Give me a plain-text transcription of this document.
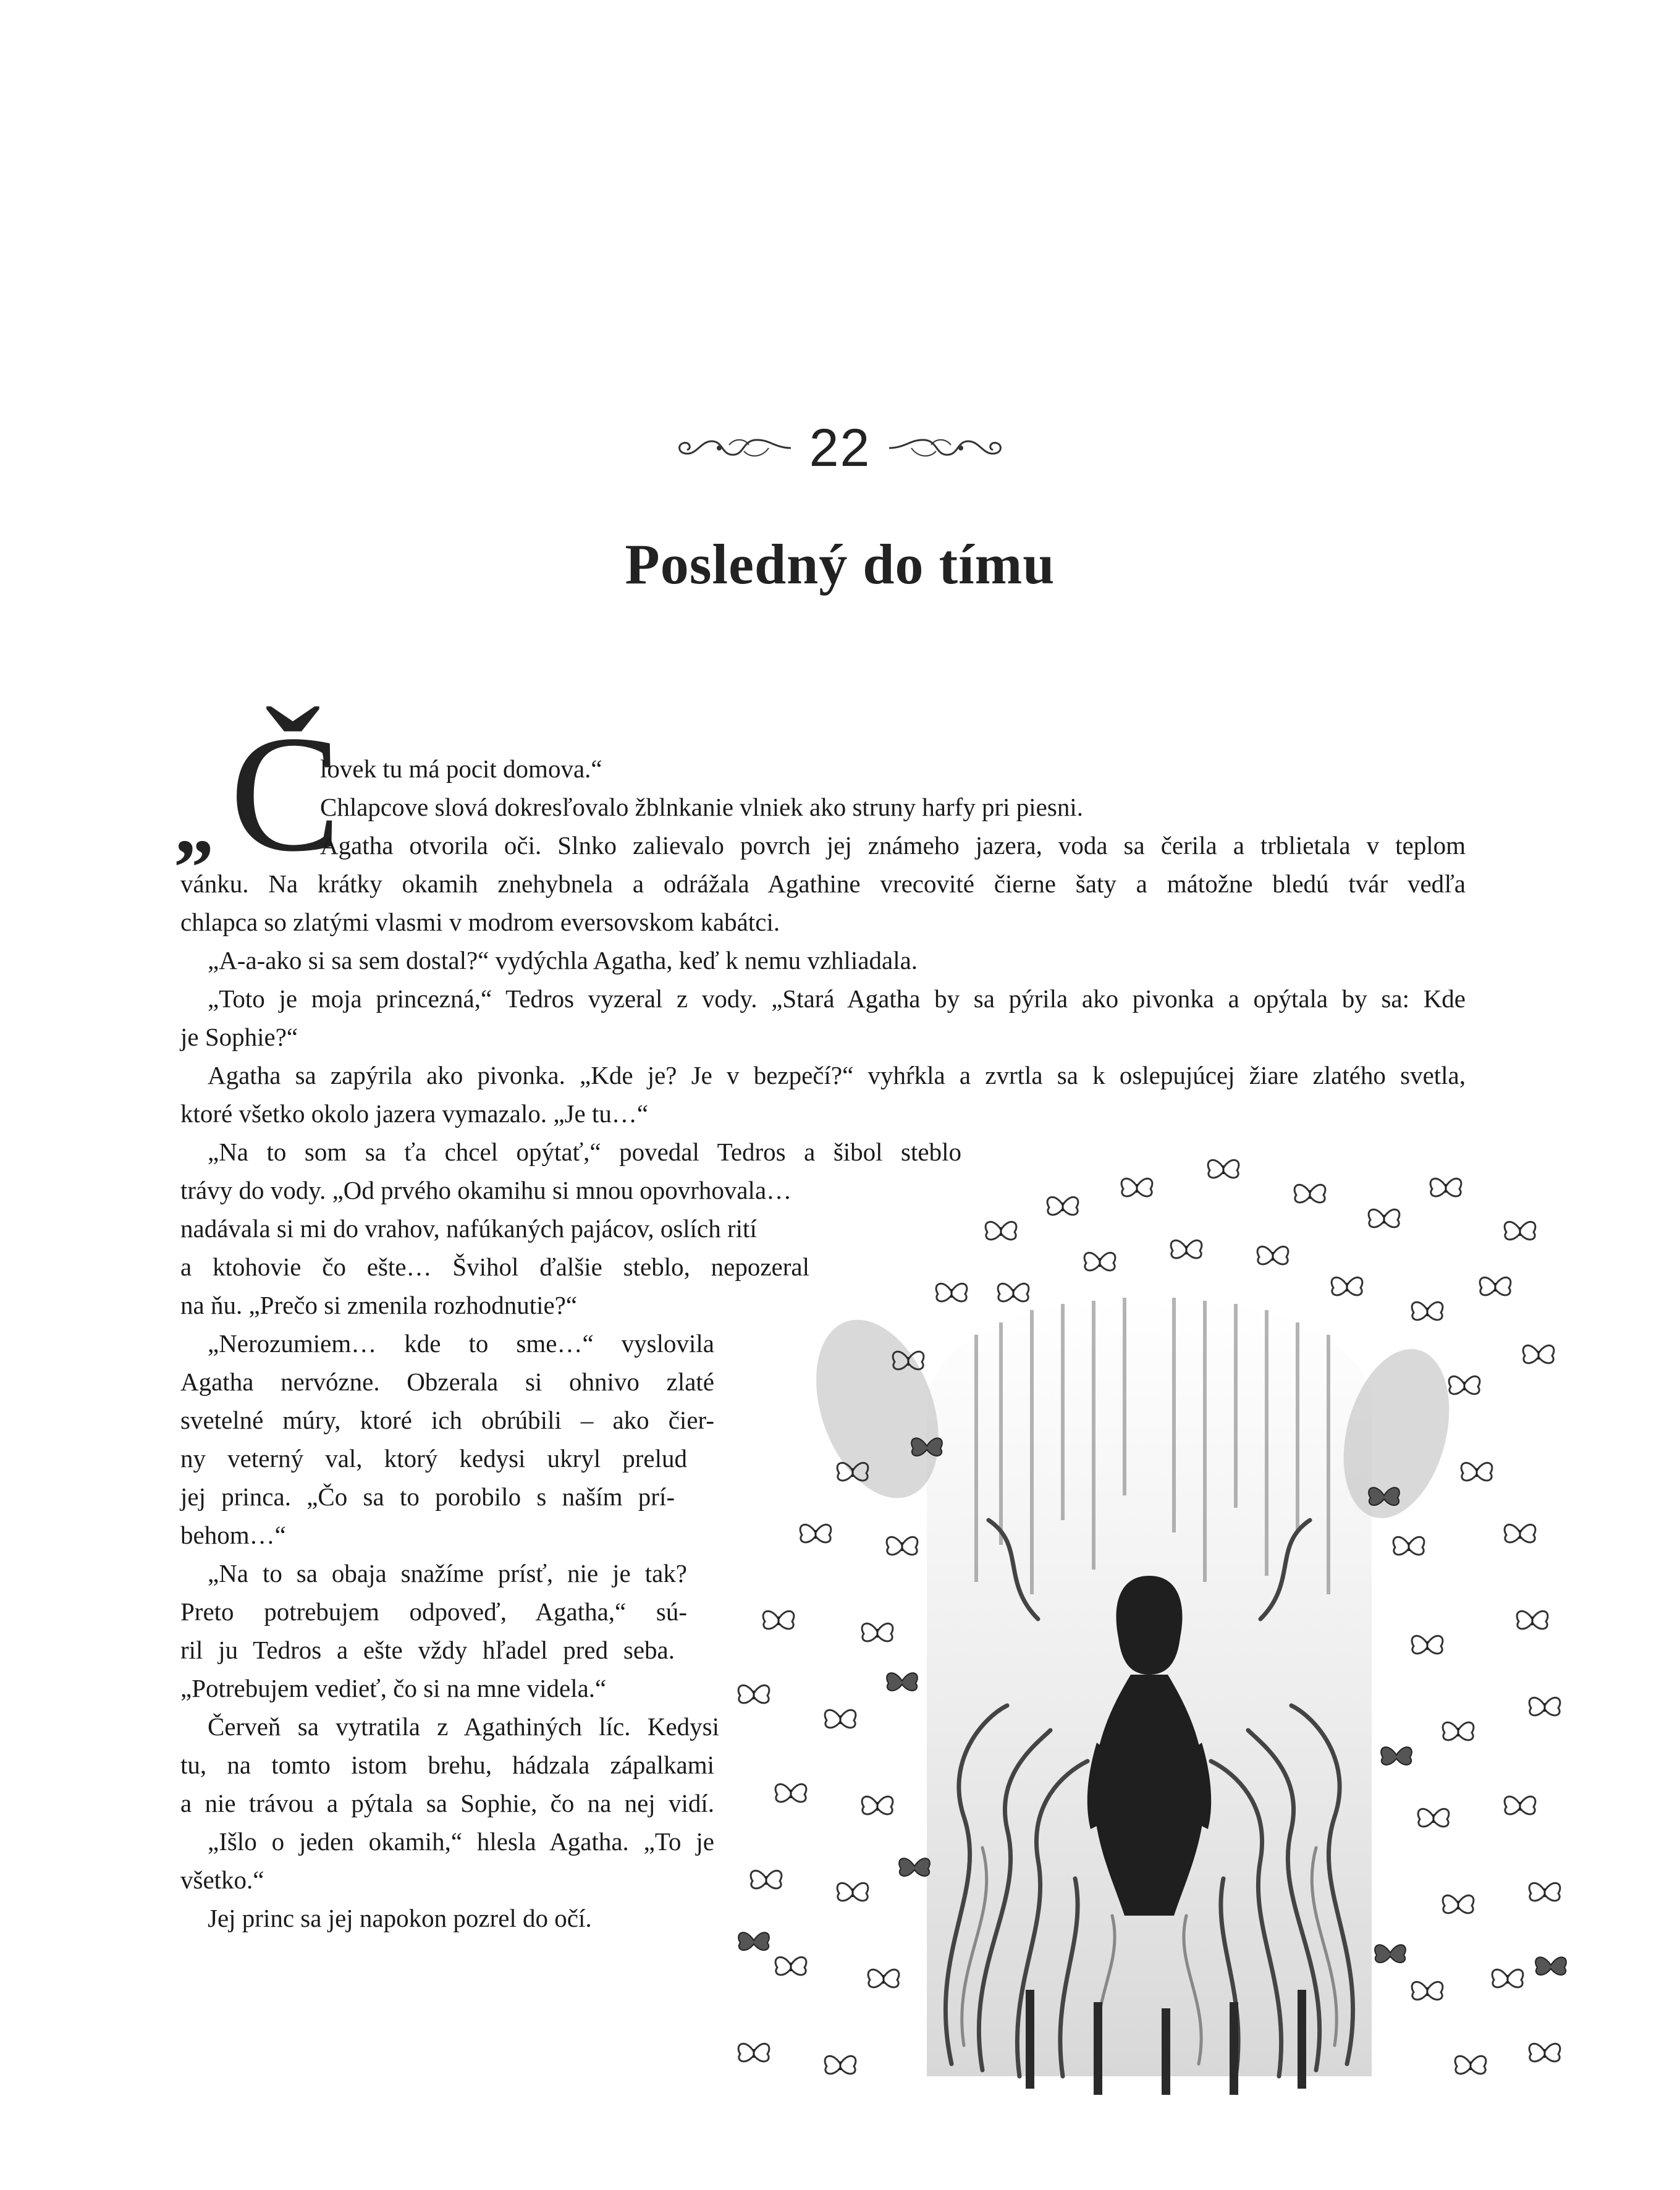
22
Posledný do tímu
„ Č
lovek tu má pocit domova.“
Chlapcove slová dokresľovalo žblnkanie vlniek ako struny harfy pri piesni.
Agatha otvorila oči. Slnko zalievalo povrch jej známeho jazera, voda sa čerila a trblietala v teplom
vánku. Na krátky okamih znehybnela a odrážala Agathine vrecovité čierne šaty a mátožne bledú tvár vedľa
chlapca so zlatými vlasmi v modrom eversovskom kabátci.
„A-a-ako si sa sem dostal?“ vydýchla Agatha, keď k nemu vzhliadala.
„Toto je moja princezná,“ Tedros vyzeral z vody. „Stará Agatha by sa pýrila ako pivonka a opýtala by sa: Kde
je Sophie?“
Agatha sa zapýrila ako pivonka. „Kde je? Je v bezpečí?“ vyhŕkla a zvrtla sa k oslepujúcej žiare zlatého svetla,
ktoré všetko okolo jazera vymazalo. „Je tu…“
„Na to som sa ťa chcel opýtať,“ povedal Tedros a šibol steblo
trávy do vody. „Od prvého okamihu si mnou opovrhovala…
nadávala si mi do vrahov, nafúkaných pajácov, oslích rití
a ktohovie čo ešte… Švihol ďalšie steblo, nepozeral
na ňu. „Prečo si zmenila rozhodnutie?“
„Nerozumiem… kde to sme…“ vyslovila
Agatha nervózne. Obzerala si ohnivo zlaté
svetelné múry, ktoré ich obrúbili – ako čier-
ny veterný val, ktorý kedysi ukryl prelud
jej princa. „Čo sa to porobilo s naším prí-
behom…“
„Na to sa obaja snažíme prísť, nie je tak?
Preto potrebujem odpoveď, Agatha,“ sú-
ril ju Tedros a ešte vždy hľadel pred seba.
„Potrebujem vedieť, čo si na mne videla.“
Červeň sa vytratila z Agathiných líc. Kedysi
tu, na tomto istom brehu, hádzala zápalkami
a nie trávou a pýtala sa Sophie, čo na nej vidí.
„Išlo o jeden okamih,“ hlesla Agatha. „To je
všetko.“
Jej princ sa jej napokon pozrel do očí.
